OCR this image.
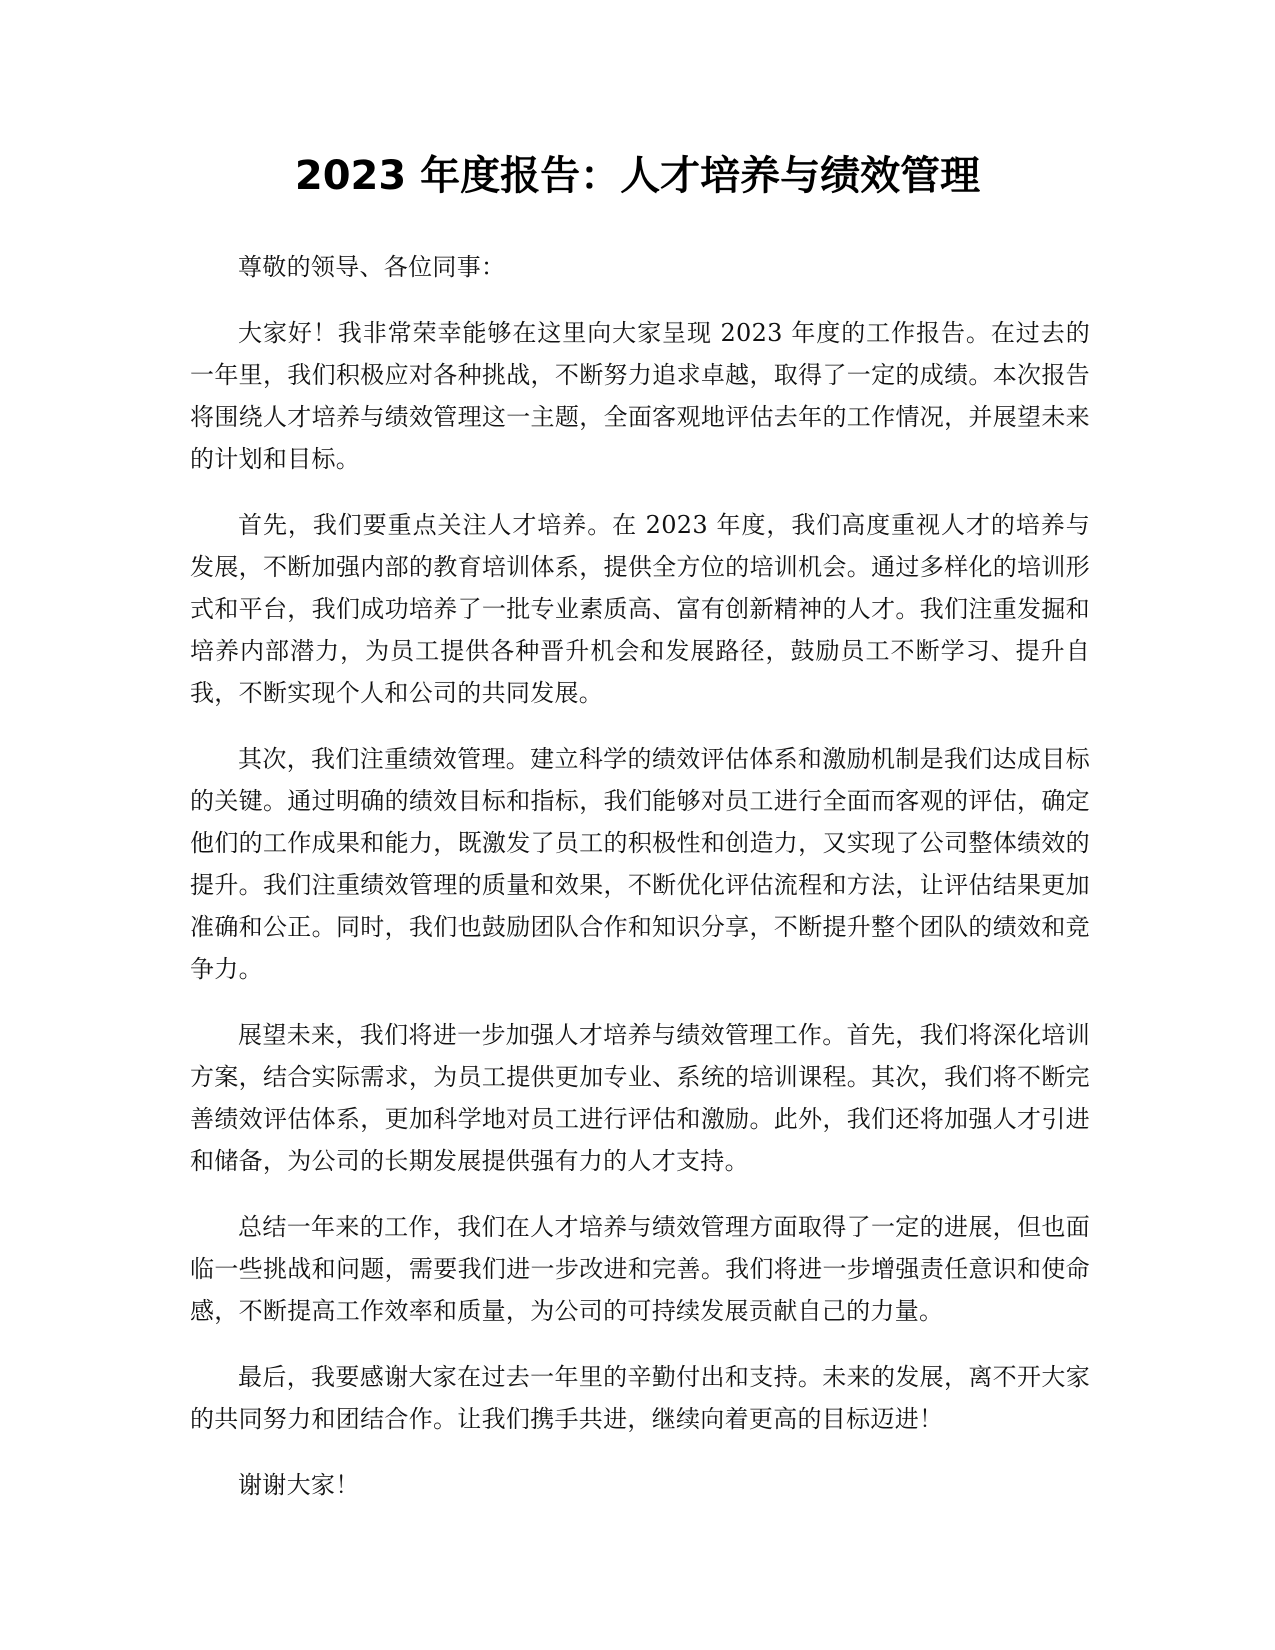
2023 年度报告：人才培养与绩效管理

尊敬的领导、各位同事：

大家好！我非常荣幸能够在这里向大家呈现 2023 年度的工作报告。在过去的一年里，我们积极应对各种挑战，不断努力追求卓越，取得了一定的成绩。本次报告将围绕人才培养与绩效管理这一主题，全面客观地评估去年的工作情况，并展望未来的计划和目标。

首先，我们要重点关注人才培养。在 2023 年度，我们高度重视人才的培养与发展，不断加强内部的教育培训体系，提供全方位的培训机会。通过多样化的培训形式和平台，我们成功培养了一批专业素质高、富有创新精神的人才。我们注重发掘和培养内部潜力，为员工提供各种晋升机会和发展路径，鼓励员工不断学习、提升自我，不断实现个人和公司的共同发展。

其次，我们注重绩效管理。建立科学的绩效评估体系和激励机制是我们达成目标的关键。通过明确的绩效目标和指标，我们能够对员工进行全面而客观的评估，确定他们的工作成果和能力，既激发了员工的积极性和创造力，又实现了公司整体绩效的提升。我们注重绩效管理的质量和效果，不断优化评估流程和方法，让评估结果更加准确和公正。同时，我们也鼓励团队合作和知识分享，不断提升整个团队的绩效和竞争力。

展望未来，我们将进一步加强人才培养与绩效管理工作。首先，我们将深化培训方案，结合实际需求，为员工提供更加专业、系统的培训课程。其次，我们将不断完善绩效评估体系，更加科学地对员工进行评估和激励。此外，我们还将加强人才引进和储备，为公司的长期发展提供强有力的人才支持。

总结一年来的工作，我们在人才培养与绩效管理方面取得了一定的进展，但也面临一些挑战和问题，需要我们进一步改进和完善。我们将进一步增强责任意识和使命感，不断提高工作效率和质量，为公司的可持续发展贡献自己的力量。

最后，我要感谢大家在过去一年里的辛勤付出和支持。未来的发展，离不开大家的共同努力和团结合作。让我们携手共进，继续向着更高的目标迈进！

谢谢大家！
